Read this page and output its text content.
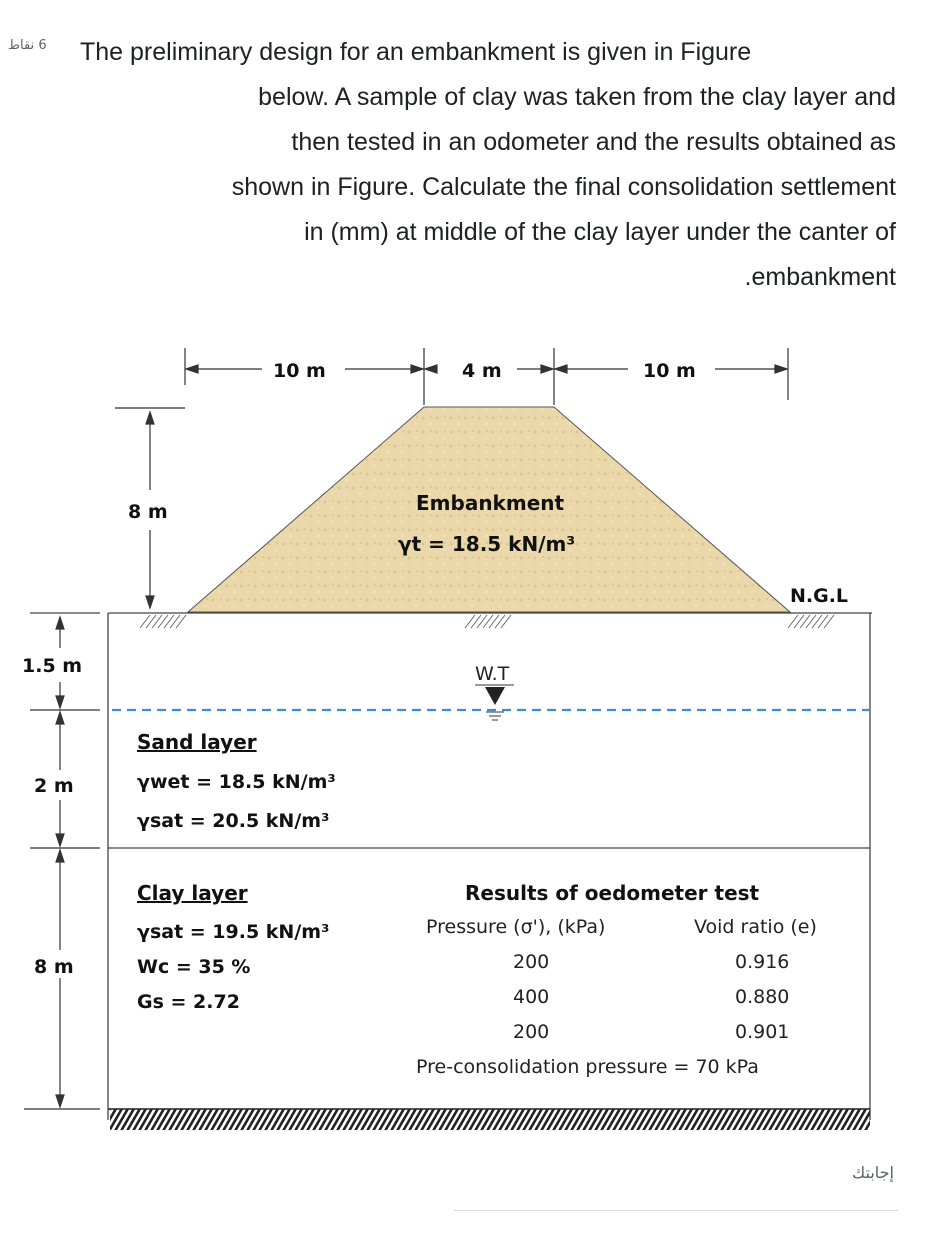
6 نقاط	The preliminary design for an embankment is given in Figure
below. A sample of clay was taken from the clay layer and
then tested in an odometer and the results obtained as
shown in Figure. Calculate the final consolidation settlement
in (mm) at middle of the clay layer under the canter of
.embankment
10 m	4 m	10 m
8 m	Embankment
γt = 18.5 kN/m³
N.G.L
W.T
1.5 m
2 m
8 m
Sand layer
γwet = 18.5 kN/m³
γsat = 20.5 kN/m³
Clay layer
γsat = 19.5 kN/m³
Wc = 35 %
Gs = 2.72
Results of oedometer test
Pressure (σ'), (kPa)	Void ratio (e)
200	0.916
400	0.880
200	0.901
Pre-consolidation pressure = 70 kPa
إجابتك
